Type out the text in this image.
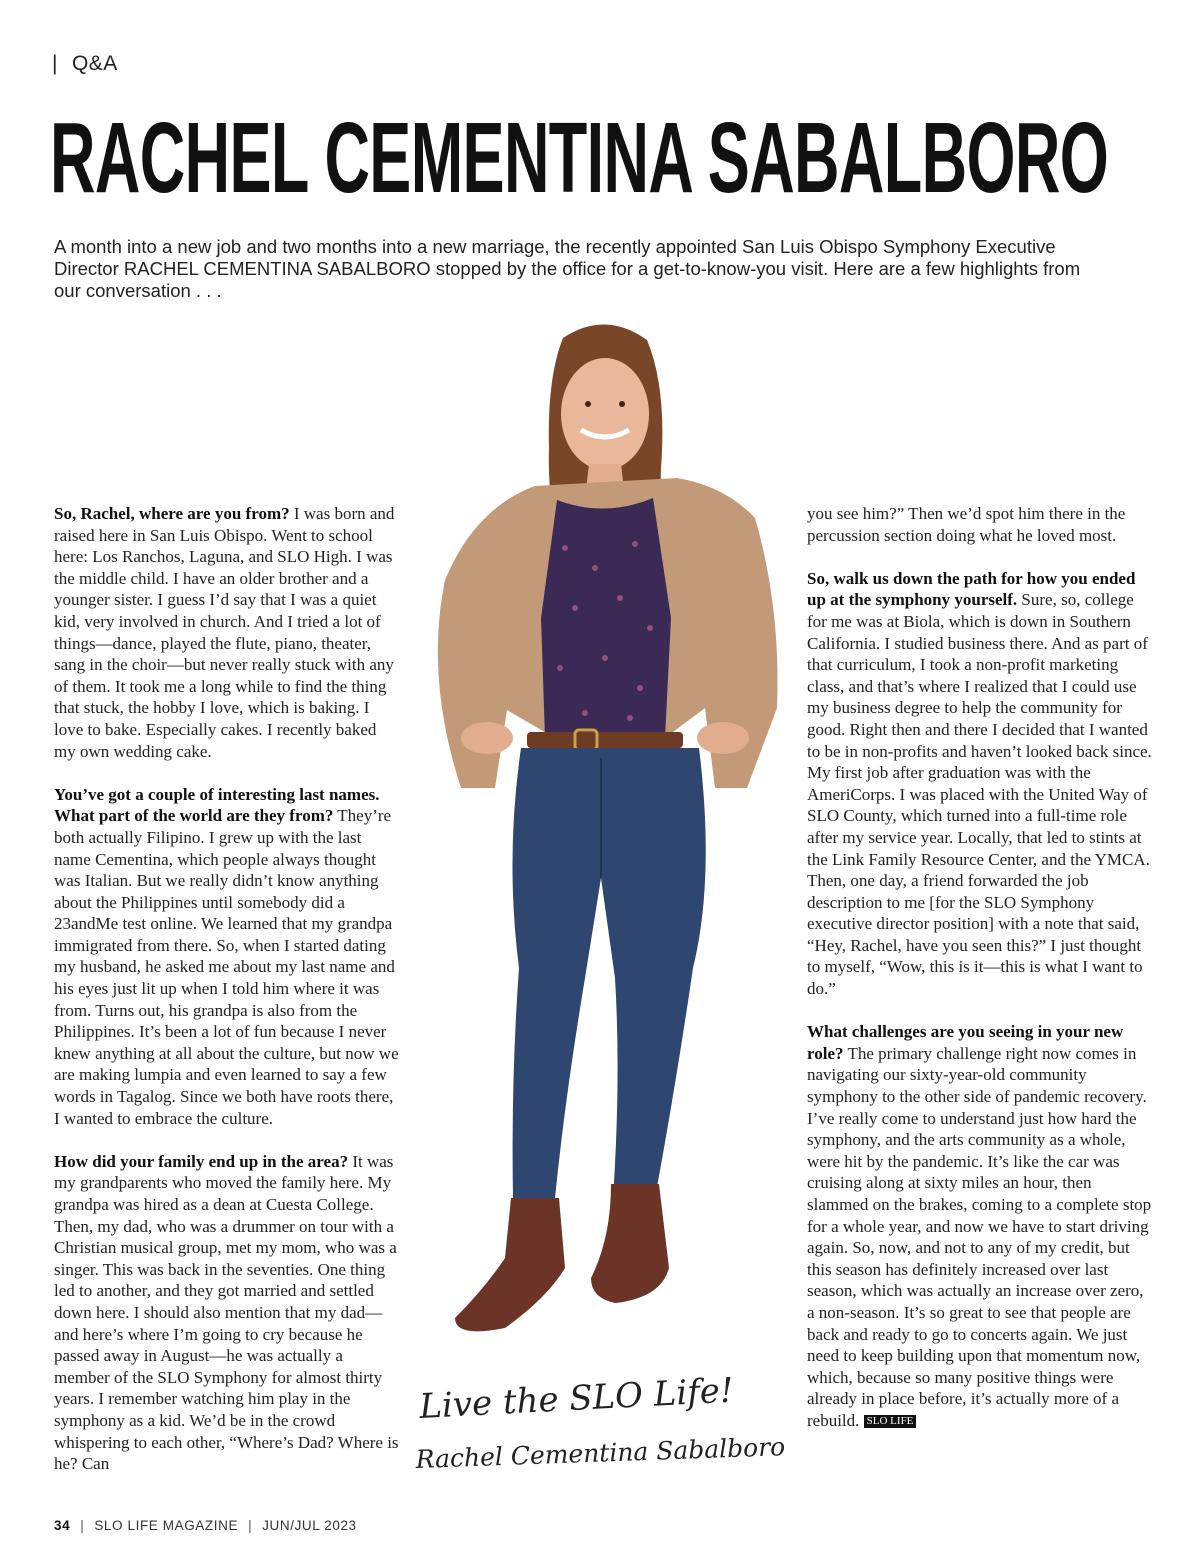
| Q&A
RACHEL CEMENTINA SABALBORO

A month into a new job and two months into a new marriage, the recently appointed San Luis Obispo Symphony Executive Director RACHEL CEMENTINA SABALBORO stopped by the office for a get-to-know-you visit. Here are a few highlights from our conversation . . .

So, Rachel, where are you from? I was born and raised here in San Luis Obispo. Went to school here: Los Ranchos, Laguna, and SLO High. I was the middle child. I have an older brother and a younger sister. I guess I’d say that I was a quiet kid, very involved in church. And I tried a lot of things—dance, played the flute, piano, theater, sang in the choir—but never really stuck with any of them. It took me a long while to find the thing that stuck, the hobby I love, which is baking. I love to bake. Especially cakes. I recently baked my own wedding cake.

You’ve got a couple of interesting last names. What part of the world are they from? They’re both actually Filipino. I grew up with the last name Cementina, which people always thought was Italian. But we really didn’t know anything about the Philippines until somebody did a 23andMe test online. We learned that my grandpa immigrated from there. So, when I started dating my husband, he asked me about my last name and his eyes just lit up when I told him where it was from. Turns out, his grandpa is also from the Philippines. It’s been a lot of fun because I never knew anything at all about the culture, but now we are making lumpia and even learned to say a few words in Tagalog. Since we both have roots there, I wanted to embrace the culture.

How did your family end up in the area? It was my grandparents who moved the family here. My grandpa was hired as a dean at Cuesta College. Then, my dad, who was a drummer on tour with a Christian musical group, met my mom, who was a singer. This was back in the seventies. One thing led to another, and they got married and settled down here. I should also mention that my dad—and here’s where I’m going to cry because he passed away in August—he was actually a member of the SLO Symphony for almost thirty years. I remember watching him play in the symphony as a kid. We’d be in the crowd whispering to each other, “Where’s Dad? Where is he? Can

you see him?” Then we’d spot him there in the percussion section doing what he loved most.

So, walk us down the path for how you ended up at the symphony yourself. Sure, so, college for me was at Biola, which is down in Southern California. I studied business there. And as part of that curriculum, I took a non-profit marketing class, and that’s where I realized that I could use my business degree to help the community for good. Right then and there I decided that I wanted to be in non-profits and haven’t looked back since. My first job after graduation was with the AmeriCorps. I was placed with the United Way of SLO County, which turned into a full-time role after my service year. Locally, that led to stints at the Link Family Resource Center, and the YMCA. Then, one day, a friend forwarded the job description to me [for the SLO Symphony executive director position] with a note that said, “Hey, Rachel, have you seen this?” I just thought to myself, “Wow, this is it—this is what I want to do.”

What challenges are you seeing in your new role? The primary challenge right now comes in navigating our sixty-year-old community symphony to the other side of pandemic recovery. I’ve really come to understand just how hard the symphony, and the arts community as a whole, were hit by the pandemic. It’s like the car was cruising along at sixty miles an hour, then slammed on the brakes, coming to a complete stop for a whole year, and now we have to start driving again. So, now, and not to any of my credit, but this season has definitely increased over last season, which was actually an increase over zero, a non-season. It’s so great to see that people are back and ready to go to concerts again. We just need to keep building upon that momentum now, which, because so many positive things were already in place before, it’s actually more of a rebuild. SLO LIFE

Live the SLO Life!
Rachel Cementina Sabalboro
34 | SLO LIFE MAGAZINE | JUN/JUL 2023
